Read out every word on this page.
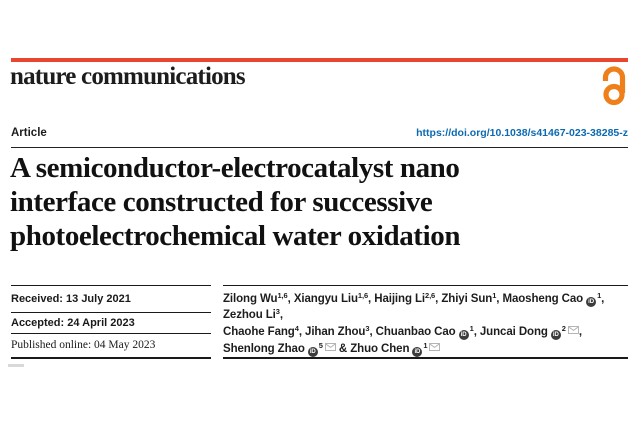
nature communications
Article	https://doi.org/10.1038/s41467-023-38285-z
A semiconductor-electrocatalyst nano
interface constructed for successive
photoelectrochemical water oxidation
Received: 13 July 2021
Accepted: 24 April 2023
Published online: 04 May 2023
Zilong Wu$^{1,6}$, Xiangyu Liu$^{1,6}$, Haijing Li$^{2,6}$, Zhiyi Sun$^1$, Maosheng Cao $iD^1$, Zezhou Li$^3$,
Chaohe Fang$^4$, Jihan Zhou$^3$, Chuanbao Cao $iD^1$, Juncai Dong $iD^2$ ,
Shenlong Zhao $iD^5$ & Zhuo Chen $iD^1$
